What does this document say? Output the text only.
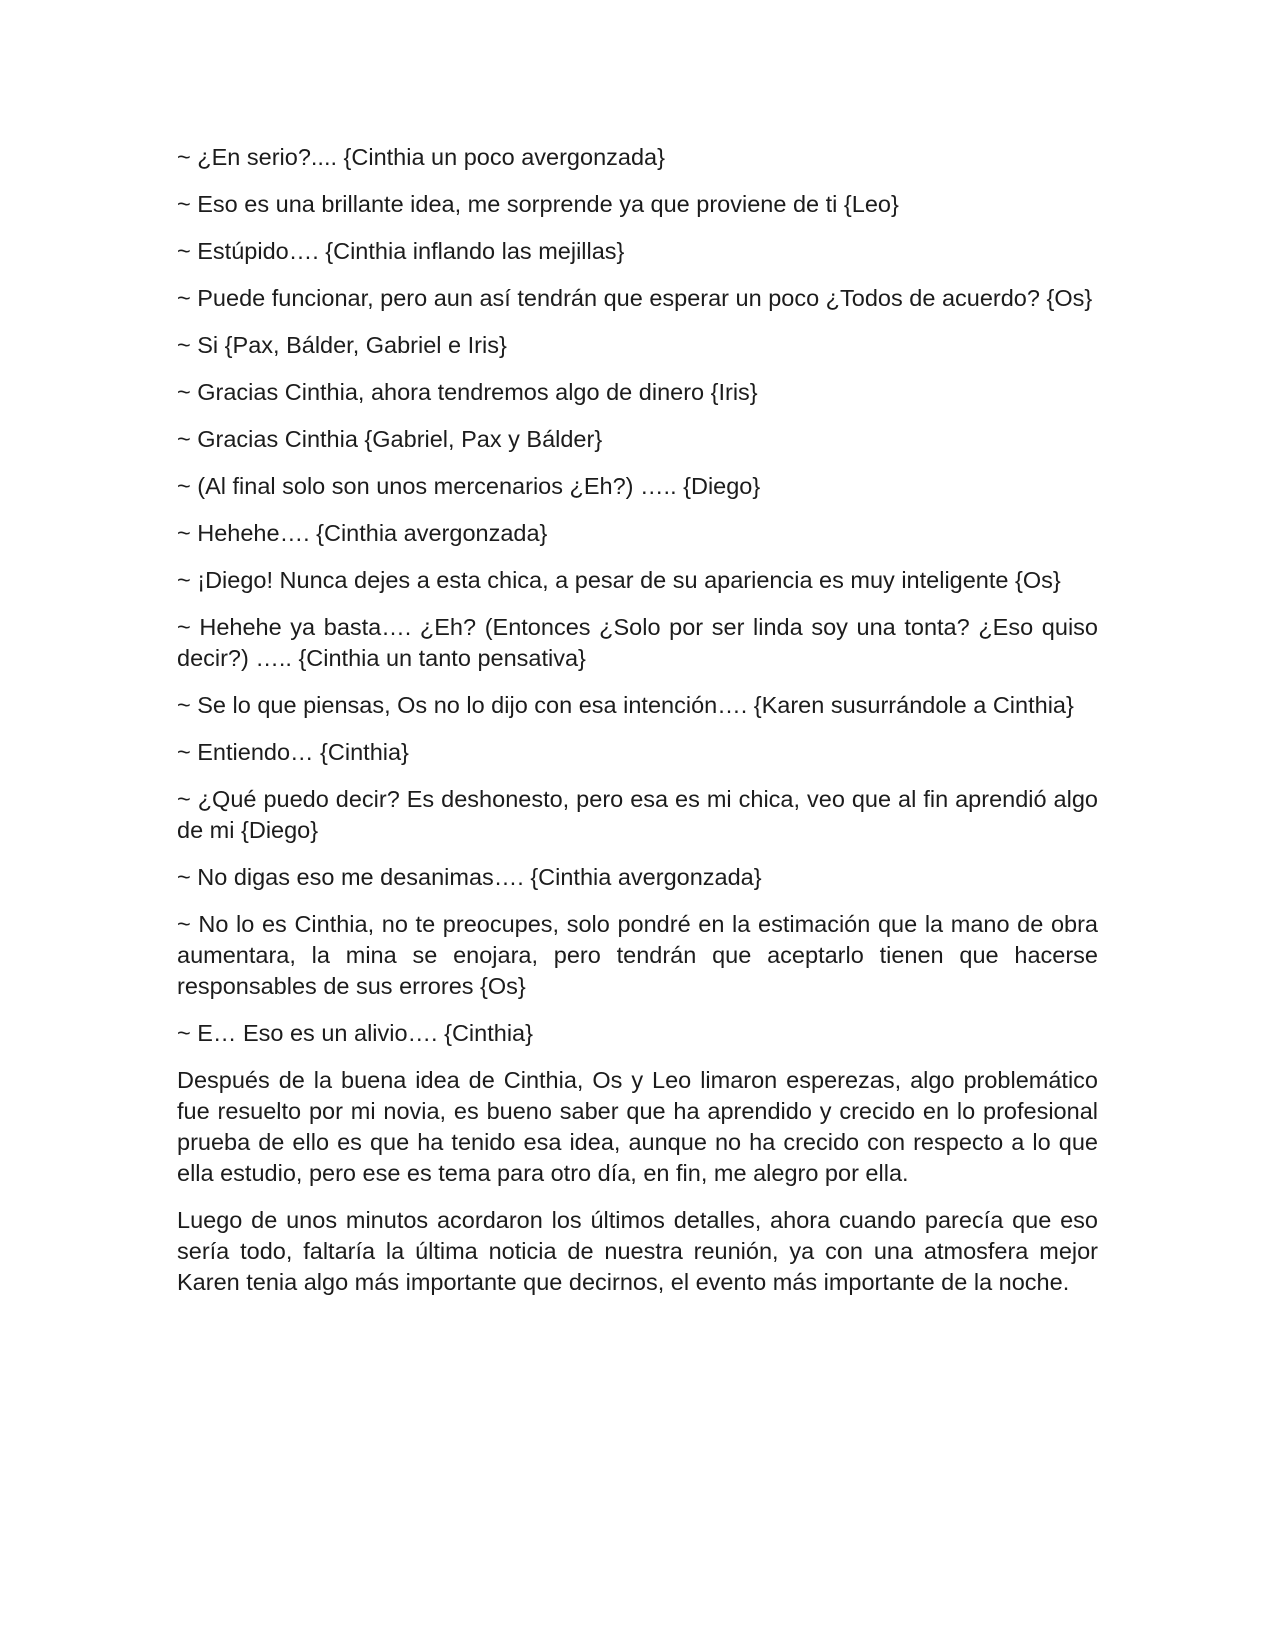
~ ¿En serio?.... {Cinthia un poco avergonzada}

~ Eso es una brillante idea, me sorprende ya que proviene de ti {Leo}

~ Estúpido…. {Cinthia inflando las mejillas}

~ Puede funcionar, pero aun así tendrán que esperar un poco ¿Todos de acuerdo? {Os}

~ Si {Pax, Bálder, Gabriel e Iris}

~ Gracias Cinthia, ahora tendremos algo de dinero {Iris}

~ Gracias Cinthia {Gabriel, Pax y Bálder}

~ (Al final solo son unos mercenarios ¿Eh?) ….. {Diego}

~ Hehehe…. {Cinthia avergonzada}

~ ¡Diego! Nunca dejes a esta chica, a pesar de su apariencia es muy inteligente {Os}

~ Hehehe ya basta…. ¿Eh? (Entonces ¿Solo por ser linda soy una tonta? ¿Eso quiso decir?) ….. {Cinthia un tanto pensativa}

~ Se lo que piensas, Os no lo dijo con esa intención…. {Karen susurrándole a Cinthia}

~ Entiendo… {Cinthia}

~ ¿Qué puedo decir? Es deshonesto, pero esa es mi chica, veo que al fin aprendió algo de mi {Diego}

~ No digas eso me desanimas…. {Cinthia avergonzada}

~ No lo es Cinthia, no te preocupes, solo pondré en la estimación que la mano de obra aumentara, la mina se enojara, pero tendrán que aceptarlo tienen que hacerse responsables de sus errores {Os}

~ E… Eso es un alivio…. {Cinthia}

Después de la buena idea de Cinthia, Os y Leo limaron esperezas, algo problemático fue resuelto por mi novia, es bueno saber que ha aprendido y crecido en lo profesional prueba de ello es que ha tenido esa idea, aunque no ha crecido con respecto a lo que ella estudio, pero ese es tema para otro día, en fin, me alegro por ella.

Luego de unos minutos acordaron los últimos detalles, ahora cuando parecía que eso sería todo, faltaría la última noticia de nuestra reunión, ya con una atmosfera mejor Karen tenia algo más importante que decirnos, el evento más importante de la noche.
